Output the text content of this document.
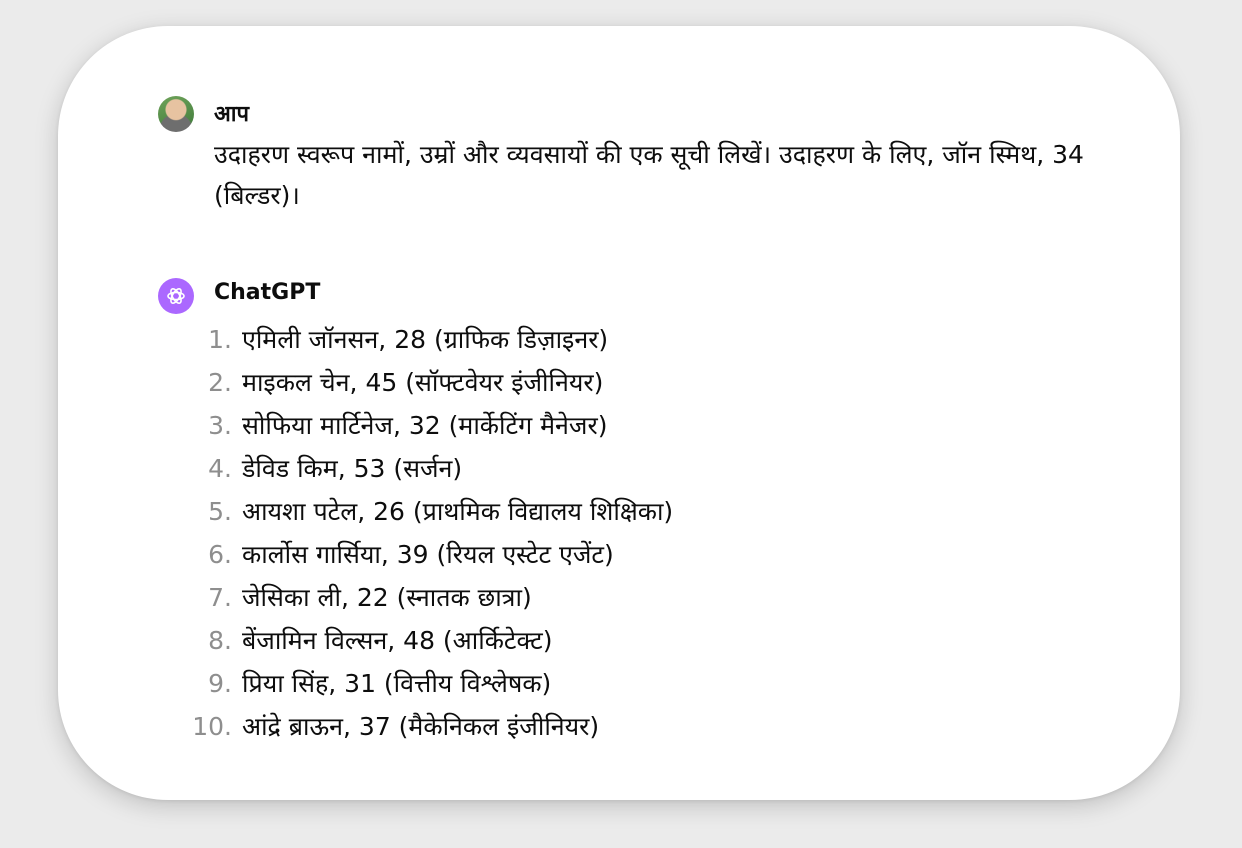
आप
उदाहरण स्वरूप नामों, उम्रों और व्यवसायों की एक सूची लिखें। उदाहरण के लिए, जॉन स्मिथ, 34 (बिल्डर)।
ChatGPT
1. एमिली जॉनसन, 28 (ग्राफिक डिज़ाइनर)
2. माइकल चेन, 45 (सॉफ्टवेयर इंजीनियर)
3. सोफिया मार्टिनेज, 32 (मार्केटिंग मैनेजर)
4. डेविड किम, 53 (सर्जन)
5. आयशा पटेल, 26 (प्राथमिक विद्यालय शिक्षिका)
6. कार्लोस गार्सिया, 39 (रियल एस्टेट एजेंट)
7. जेसिका ली, 22 (स्नातक छात्रा)
8. बेंजामिन विल्सन, 48 (आर्किटेक्ट)
9. प्रिया सिंह, 31 (वित्तीय विश्लेषक)
10. आंद्रे ब्राऊन, 37 (मैकेनिकल इंजीनियर)
